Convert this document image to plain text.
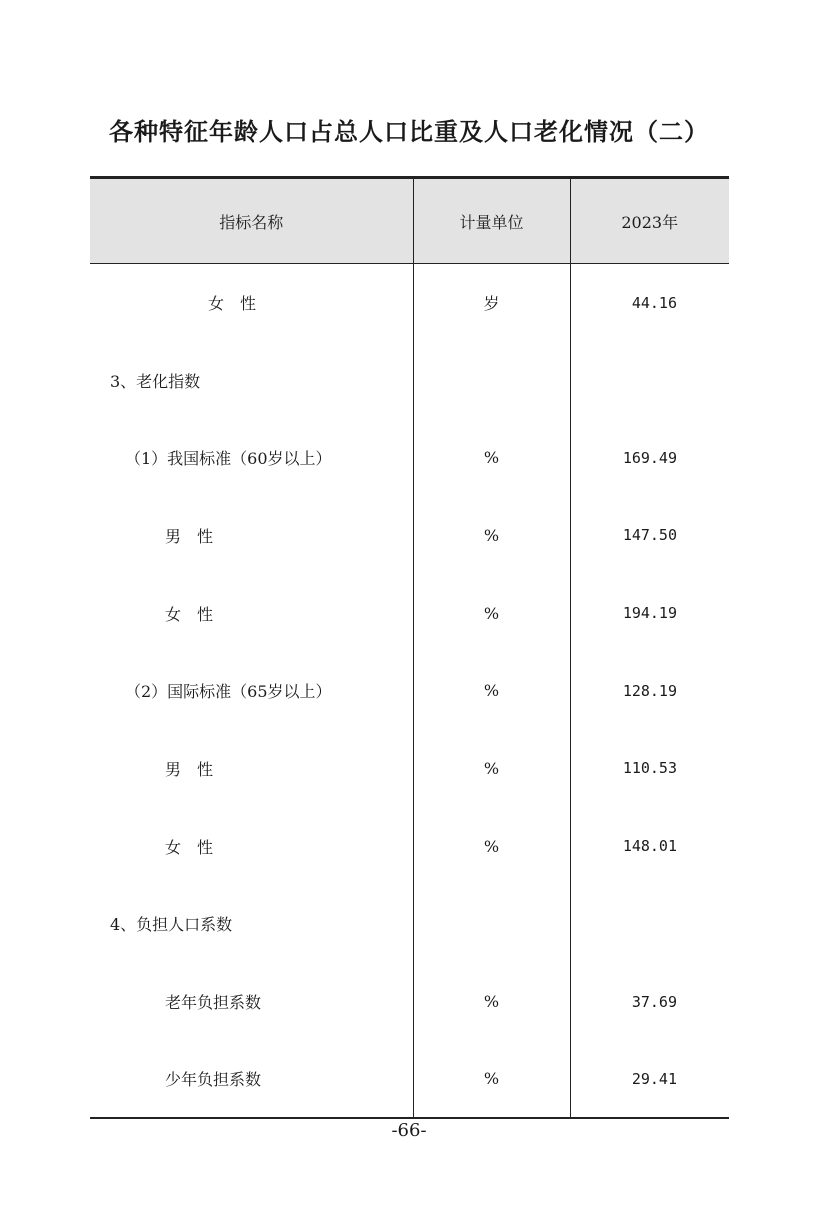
各种特征年龄人口占总人口比重及人口老化情况（二）
指标名称	计量单位	2023年
女　性	岁	44.16
3、老化指数		
（1）我国标准（60岁以上）	%	169.49
男　性	%	147.50
女　性	%	194.19
（2）国际标准（65岁以上）	%	128.19
男　性	%	110.53
女　性	%	148.01
4、负担人口系数		
老年负担系数	%	37.69
少年负担系数	%	29.41
-66-
